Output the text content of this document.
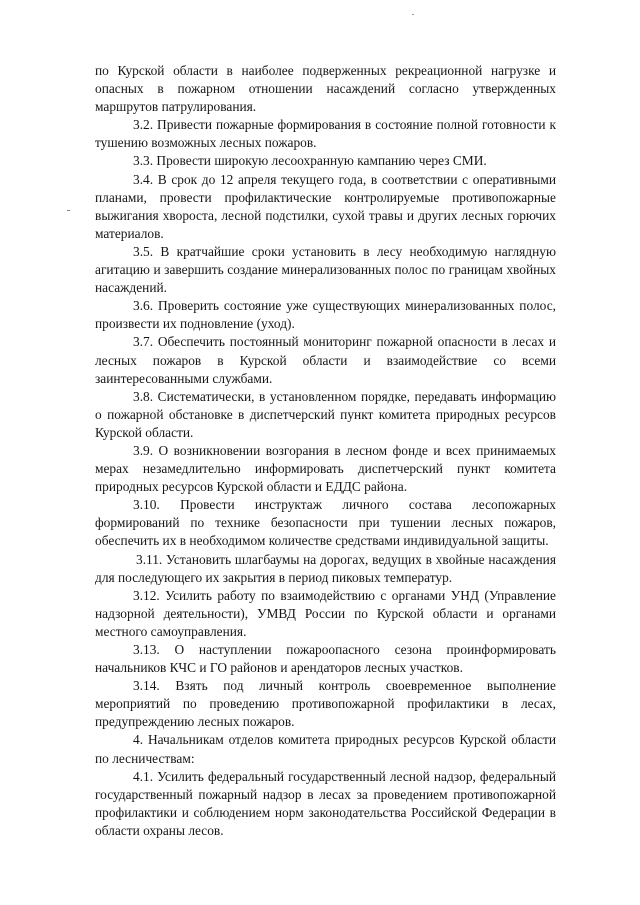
по Курской области в наиболее подверженных рекреационной нагрузке и опасных в пожарном отношении насаждений согласно утвержденных маршрутов патрулирования.

3.2. Привести пожарные формирования в состояние полной готовности к тушению возможных лесных пожаров.

3.3. Провести широкую лесоохранную кампанию через СМИ.

3.4. В срок до 12 апреля текущего года, в соответствии с оперативными планами, провести профилактические контролируемые противопожарные выжигания хвороста, лесной подстилки, сухой травы и других лесных горючих материалов.

3.5. В кратчайшие сроки установить в лесу необходимую наглядную агитацию и завершить создание минерализованных полос по границам хвойных насаждений.

3.6. Проверить состояние уже существующих минерализованных полос, произвести их подновление (уход).

3.7. Обеспечить постоянный мониторинг пожарной опасности в лесах и лесных пожаров в Курской области и взаимодействие со всеми заинтересованными службами.

3.8. Систематически, в установленном порядке, передавать информацию о пожарной обстановке в диспетчерский пункт комитета природных ресурсов Курской области.

3.9. О возникновении возгорания в лесном фонде и всех принимаемых мерах незамедлительно информировать диспетчерский пункт комитета природных ресурсов Курской области и ЕДДС района.

3.10. Провести инструктаж личного состава лесопожарных формирований по технике безопасности при тушении лесных пожаров, обеспечить их в необходимом количестве средствами индивидуальной защиты.

3.11. Установить шлагбаумы на дорогах, ведущих в хвойные насаждения для последующего их закрытия в период пиковых температур.

3.12. Усилить работу по взаимодействию с органами УНД (Управление надзорной деятельности), УМВД России по Курской области и органами местного самоуправления.

3.13. О наступлении пожароопасного сезона проинформировать начальников КЧС и ГО районов и арендаторов лесных участков.

3.14. Взять под личный контроль своевременное выполнение мероприятий по проведению противопожарной профилактики в лесах, предупреждению лесных пожаров.

4. Начальникам отделов комитета природных ресурсов Курской области по лесничествам:

4.1. Усилить федеральный государственный лесной надзор, федеральный государственный пожарный надзор в лесах за проведением противопожарной профилактики и соблюдением норм законодательства Российской Федерации в области охраны лесов.
